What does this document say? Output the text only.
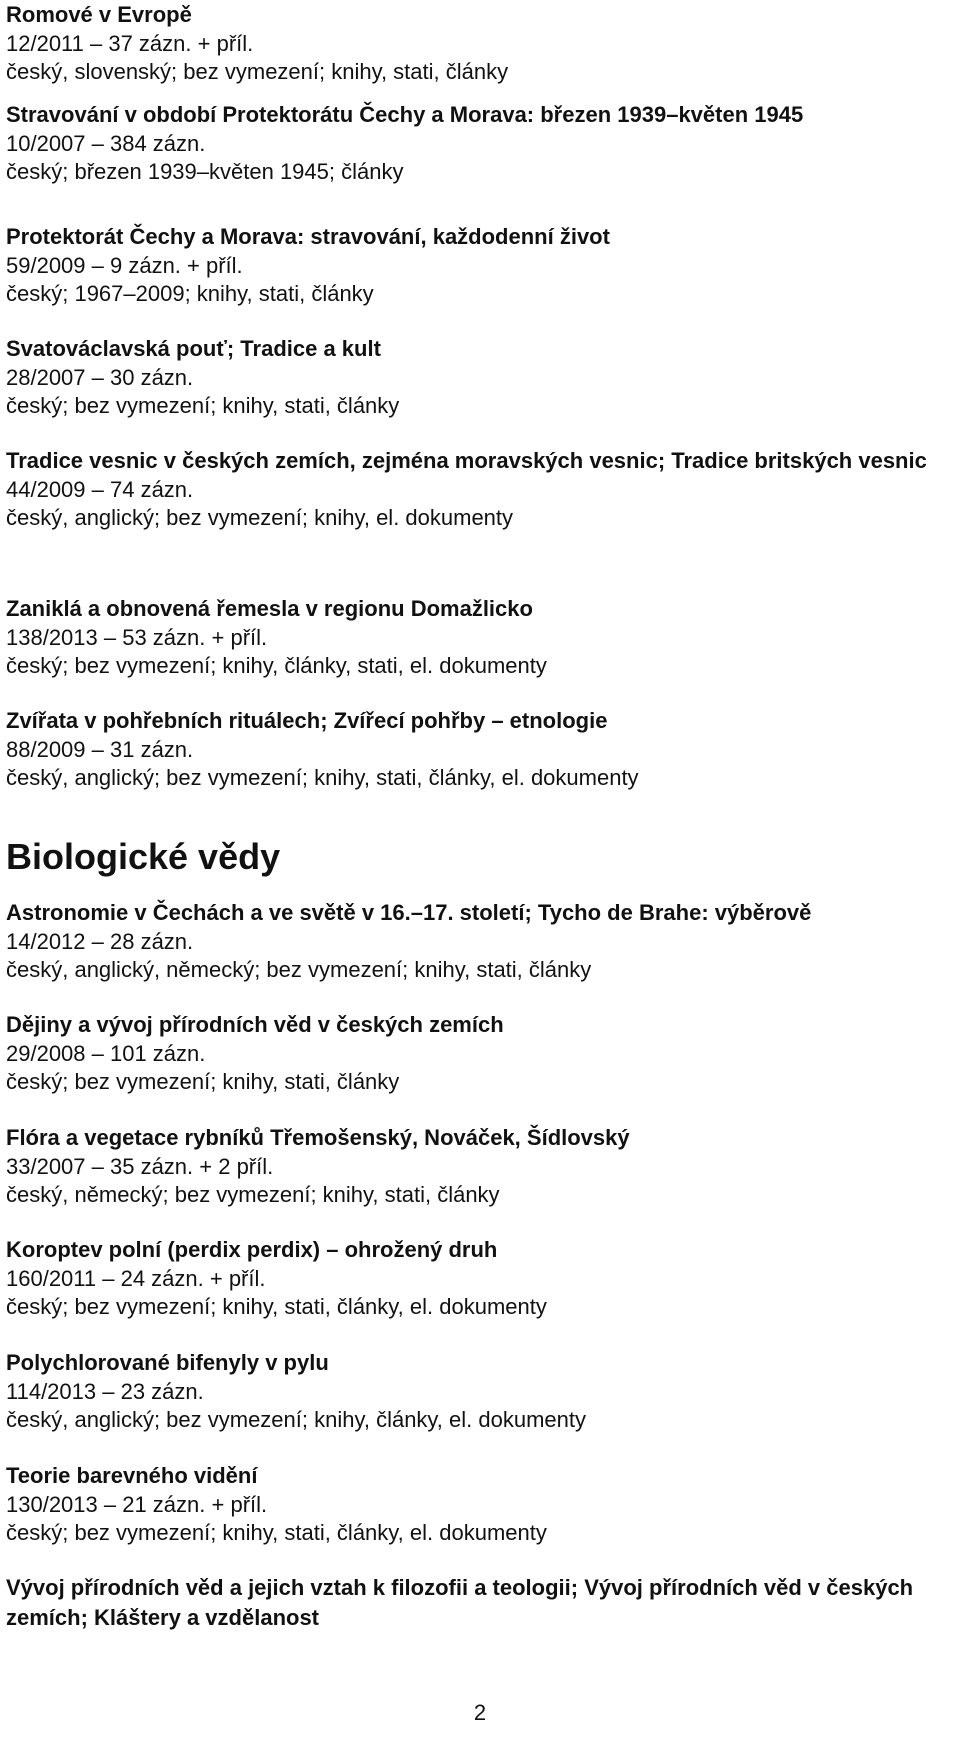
Romové v Evropě
12/2011 – 37 zázn. + příl.
český, slovenský; bez vymezení; knihy, stati, články
Stravování v období Protektorátu Čechy a Morava: březen 1939–květen 1945
10/2007 – 384 zázn.
český; březen 1939–květen 1945; články
Protektorát Čechy a Morava: stravování, každodenní život
59/2009 – 9 zázn. + příl.
český; 1967–2009; knihy, stati, články
Svatováclavská pouť; Tradice a kult
28/2007 – 30 zázn.
český; bez vymezení; knihy, stati, články
Tradice vesnic v českých zemích, zejména moravských vesnic; Tradice britských vesnic
44/2009 – 74 zázn.
český, anglický; bez vymezení; knihy, el. dokumenty
Zaniklá a obnovená řemesla v regionu Domažlicko
138/2013 – 53 zázn. + příl.
český; bez vymezení; knihy, články, stati, el. dokumenty
Zvířata v pohřebních rituálech; Zvířecí pohřby – etnologie
88/2009 – 31 zázn.
český, anglický; bez vymezení; knihy, stati, články, el. dokumenty
Biologické vědy
Astronomie v Čechách a ve světě v 16.–17. století; Tycho de Brahe: výběrově
14/2012 – 28 zázn.
český, anglický, německý; bez vymezení; knihy, stati, články
Dějiny a vývoj přírodních věd v českých zemích
29/2008 – 101 zázn.
český; bez vymezení; knihy, stati, články
Flóra a vegetace rybníků Třemošenský, Nováček, Šídlovský
33/2007 – 35 zázn. + 2 příl.
český, německý; bez vymezení; knihy, stati, články
Koroptev polní (perdix perdix) – ohrožený druh
160/2011 – 24 zázn. + příl.
český; bez vymezení; knihy, stati, články, el. dokumenty
Polychlorované bifenyly v pylu
114/2013 – 23 zázn.
český, anglický; bez vymezení; knihy, články, el. dokumenty
Teorie barevného vidění
130/2013 – 21 zázn. + příl.
český; bez vymezení; knihy, stati, články, el. dokumenty
Vývoj přírodních věd a jejich vztah k filozofii a teologii; Vývoj přírodních věd v českých zemích; Kláštery a vzdělanost
2
